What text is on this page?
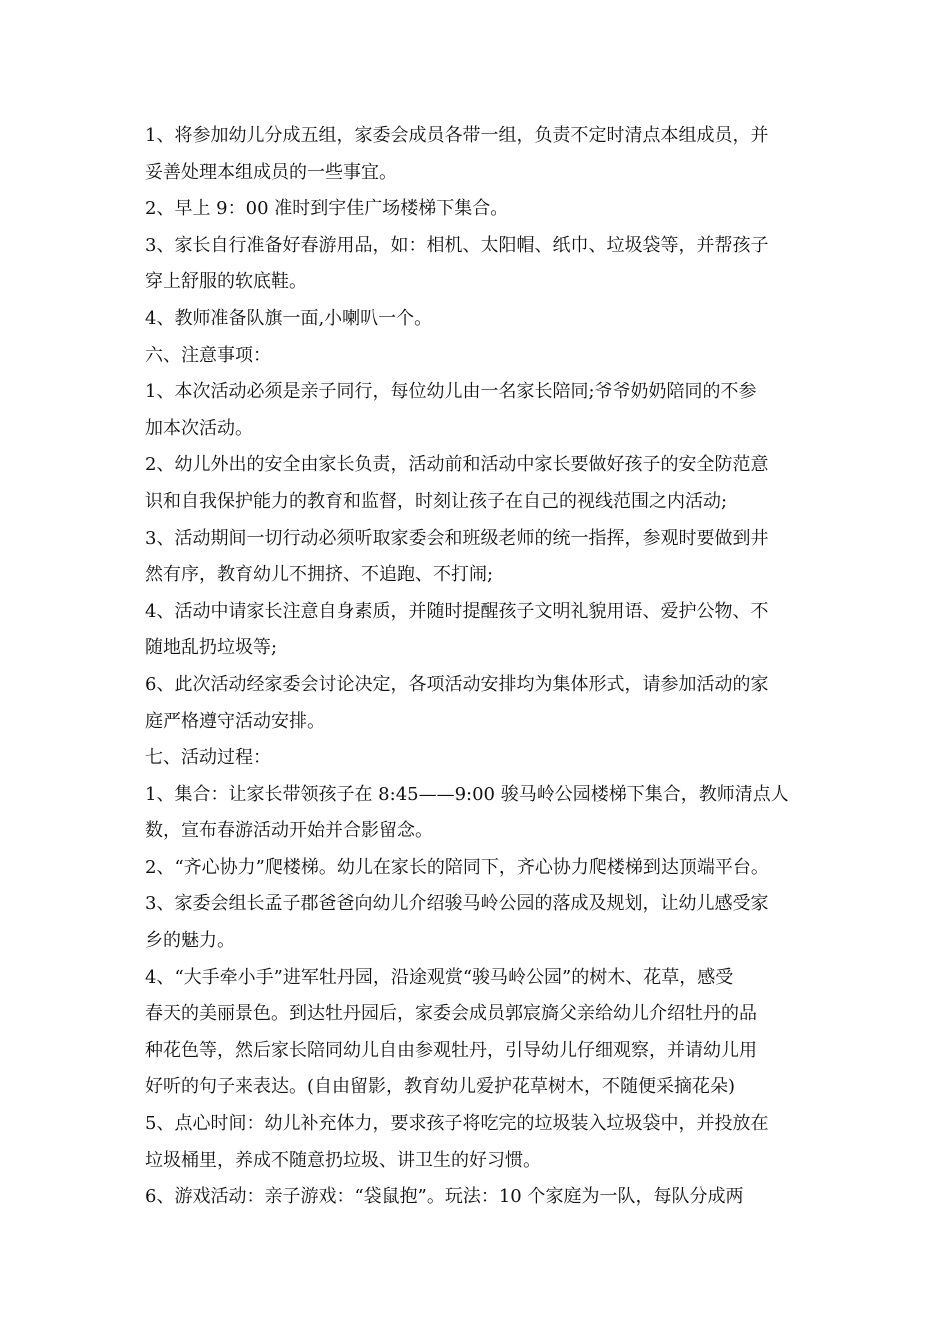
1、将参加幼儿分成五组，家委会成员各带一组，负责不定时清点本组成员，并
妥善处理本组成员的一些事宜。
2、早上 9：00 准时到宇佳广场楼梯下集合。
3、家长自行准备好春游用品，如：相机、太阳帽、纸巾、垃圾袋等，并帮孩子
穿上舒服的软底鞋。
4、教师准备队旗一面,小喇叭一个。
六、注意事项：
1、本次活动必须是亲子同行，每位幼儿由一名家长陪同;爷爷奶奶陪同的不参
加本次活动。
2、幼儿外出的安全由家长负责，活动前和活动中家长要做好孩子的安全防范意
识和自我保护能力的教育和监督，时刻让孩子在自己的视线范围之内活动;
3、活动期间一切行动必须听取家委会和班级老师的统一指挥，参观时要做到井
然有序，教育幼儿不拥挤、不追跑、不打闹;
4、活动中请家长注意自身素质，并随时提醒孩子文明礼貌用语、爱护公物、不
随地乱扔垃圾等;
6、此次活动经家委会讨论决定，各项活动安排均为集体形式，请参加活动的家
庭严格遵守活动安排。
七、活动过程：
1、集合：让家长带领孩子在 8:45——9:00 骏马岭公园楼梯下集合，教师清点人
数，宣布春游活动开始并合影留念。
2、“齐心协力”爬楼梯。幼儿在家长的陪同下，齐心协力爬楼梯到达顶端平台。
3、家委会组长孟子郡爸爸向幼儿介绍骏马岭公园的落成及规划，让幼儿感受家
乡的魅力。
4、“大手牵小手”进军牡丹园，沿途观赏“骏马岭公园”的树木、花草，感受
春天的美丽景色。到达牡丹园后，家委会成员郭宸旖父亲给幼儿介绍牡丹的品
种花色等，然后家长陪同幼儿自由参观牡丹，引导幼儿仔细观察，并请幼儿用
好听的句子来表达。(自由留影，教育幼儿爱护花草树木，不随便采摘花朵)
5、点心时间：幼儿补充体力，要求孩子将吃完的垃圾装入垃圾袋中，并投放在
垃圾桶里，养成不随意扔垃圾、讲卫生的好习惯。
6、游戏活动：亲子游戏：“袋鼠抱”。玩法：10 个家庭为一队，每队分成两
